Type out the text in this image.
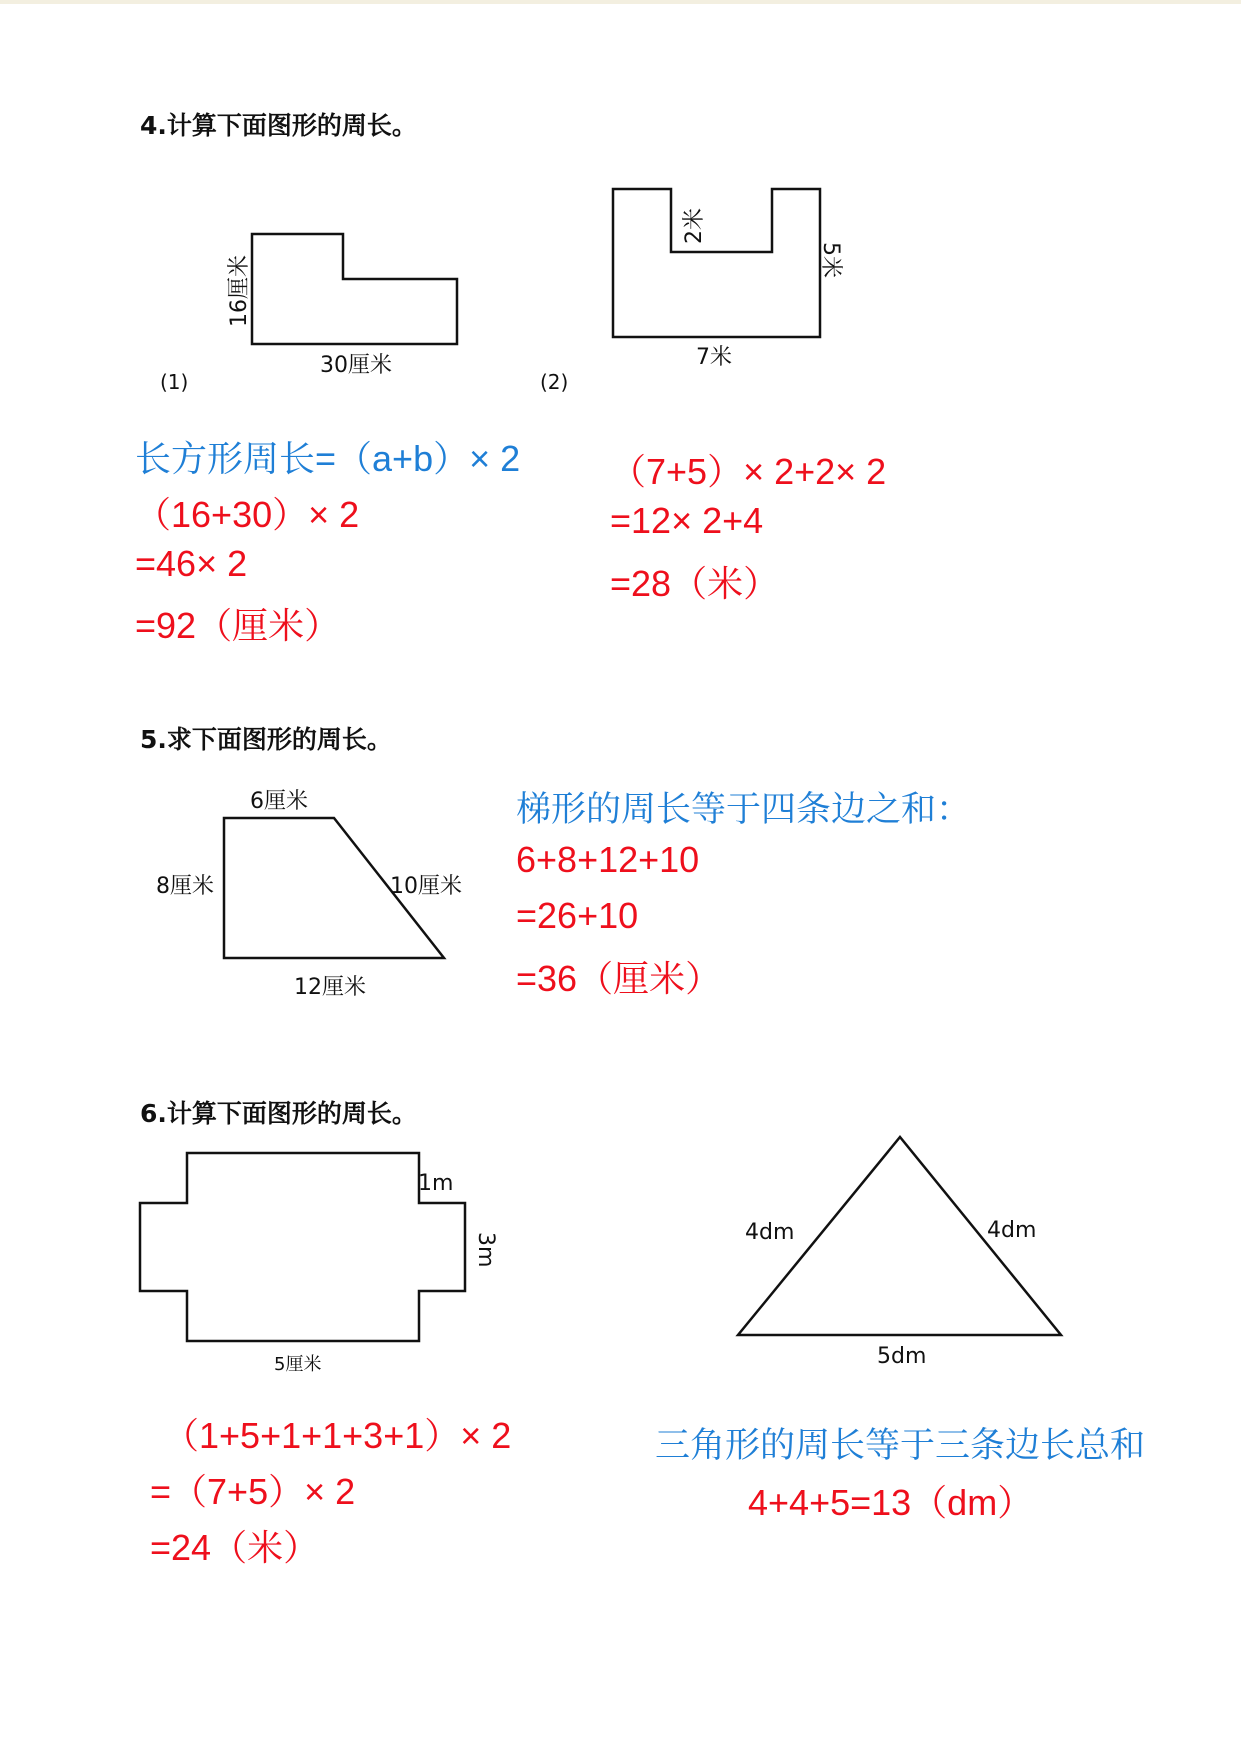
4.计算下面图形的周长。
16厘米
30厘米
(1)
2米
5米
7米
(2)
长方形周长=（a+b）× 2
（16+30）× 2
=46× 2
=92（厘米）
（7+5）× 2+2× 2
=12× 2+4
=28（米）
5.求下面图形的周长。
6厘米
8厘米	10厘米
12厘米
梯形的周长等于四条边之和：
6+8+12+10
=26+10
=36（厘米）
6.计算下面图形的周长。
1m
3m
5厘米
4dm	4dm
5dm
（1+5+1+1+3+1）× 2
=（7+5）× 2
=24（米）
三角形的周长等于三条边长总和
4+4+5=13（dm）
